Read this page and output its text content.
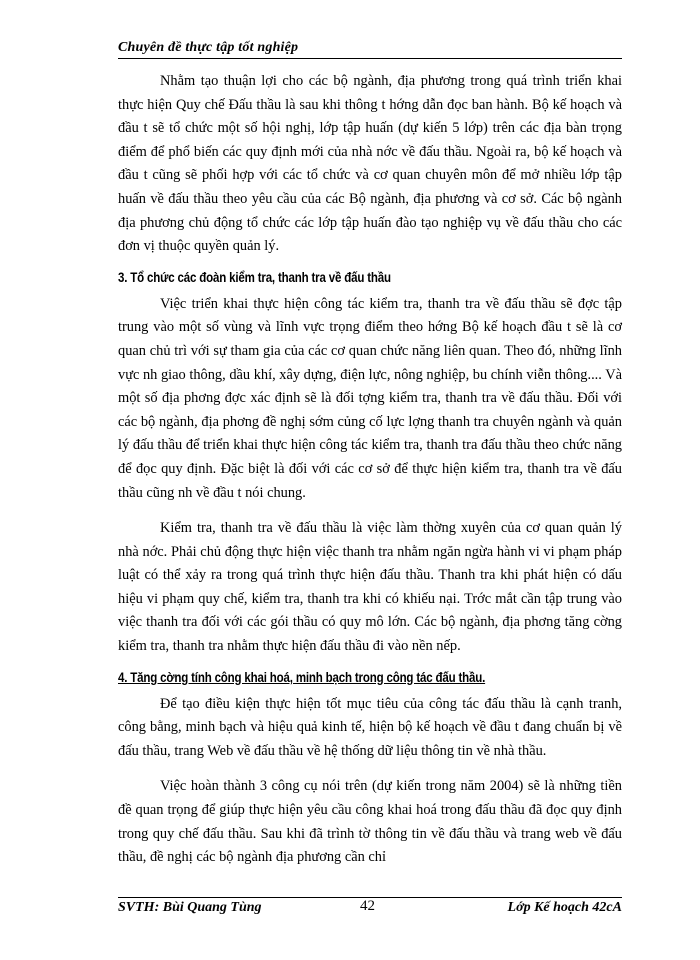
Chuyên đề thực tập tốt nghiệp

Nhằm tạo thuận lợi cho các bộ ngành, địa phương trong quá trình triển khai thực hiện Quy chế Đấu thầu là sau khi thông t hớng dẫn đọc ban hành. Bộ kế hoạch và đầu t sẽ tổ chức một số hội nghị, lớp tập huấn (dự kiến 5 lớp) trên các địa bàn trọng điểm để phổ biến các quy định mới của nhà nớc về đấu thầu. Ngoài ra, bộ kế hoạch và đầu t cũng sẽ phối hợp với các tổ chức và cơ quan chuyên môn để mở nhiều lớp tập huấn về đấu thầu theo yêu cầu của các Bộ ngành, địa phương và cơ sở. Các bộ ngành địa phương chủ động tổ chức các lớp tập huấn đào tạo nghiệp vụ về đấu thầu cho các đơn vị thuộc quyền quản lý.

3. Tổ chức các đoàn kiểm tra, thanh tra về đấu thầu

Việc triển khai thực hiện công tác kiểm tra, thanh tra về đấu thầu sẽ đợc tập trung vào một số vùng và lĩnh vực trọng điểm theo hớng Bộ kế hoạch đầu t sẽ là cơ quan chủ trì với sự tham gia của các cơ quan chức năng liên quan. Theo đó, những lĩnh vực nh giao thông, dầu khí, xây dựng, điện lực, nông nghiệp, bu chính viễn thông.... Và một số địa phơng đợc xác định sẽ là đối tợng kiểm tra, thanh tra về đấu thầu. Đối với các bộ ngành, địa phơng đề nghị sớm củng cố lực lợng thanh tra chuyên ngành và quản lý đấu thầu để triển khai thực hiện công tác kiểm tra, thanh tra đấu thầu theo chức năng để đọc quy định. Đặc biệt là đối với các cơ sở để thực hiện kiểm tra, thanh tra về đấu thầu cũng nh về đầu t nói chung.

Kiểm tra, thanh tra về đấu thầu là việc làm thờng xuyên của cơ quan quản lý nhà nớc. Phải chủ động thực hiện việc thanh tra nhằm ngăn ngừa hành vi vi phạm pháp luật có thể xảy ra trong quá trình thực hiện đấu thầu. Thanh tra khi phát hiện có dấu hiệu vi phạm quy chế, kiểm tra, thanh tra khi có khiếu nại. Trớc mắt cần tập trung vào việc thanh tra đối với các gói thầu có quy mô lớn. Các bộ ngành, địa phơng tăng cờng kiểm tra, thanh tra nhằm thực hiện đấu thầu đi vào nền nếp.

4. Tăng cờng tính công khai hoá, minh bạch trong công tác đấu thầu.

Để tạo điều kiện thực hiện tốt mục tiêu của công tác đấu thầu là cạnh tranh, công bằng, minh bạch và hiệu quả kinh tế, hiện bộ kế hoạch về đầu t đang chuẩn bị về đấu thầu, trang Web về đấu thầu về hệ thống dữ liệu thông tin về nhà thầu.

Việc hoàn thành 3 công cụ nói trên (dự kiến trong năm 2004) sẽ là những tiền đề quan trọng để giúp thực hiện yêu cầu công khai hoá trong đấu thầu đã đọc quy định trong quy chế đấu thầu. Sau khi đã trình tờ thông tin về đấu thầu và trang web về đấu thầu, đề nghị các bộ ngành địa phương cần chỉ

SVTH: Bùi Quang Tùng	42	Lớp Kế hoạch 42cA
